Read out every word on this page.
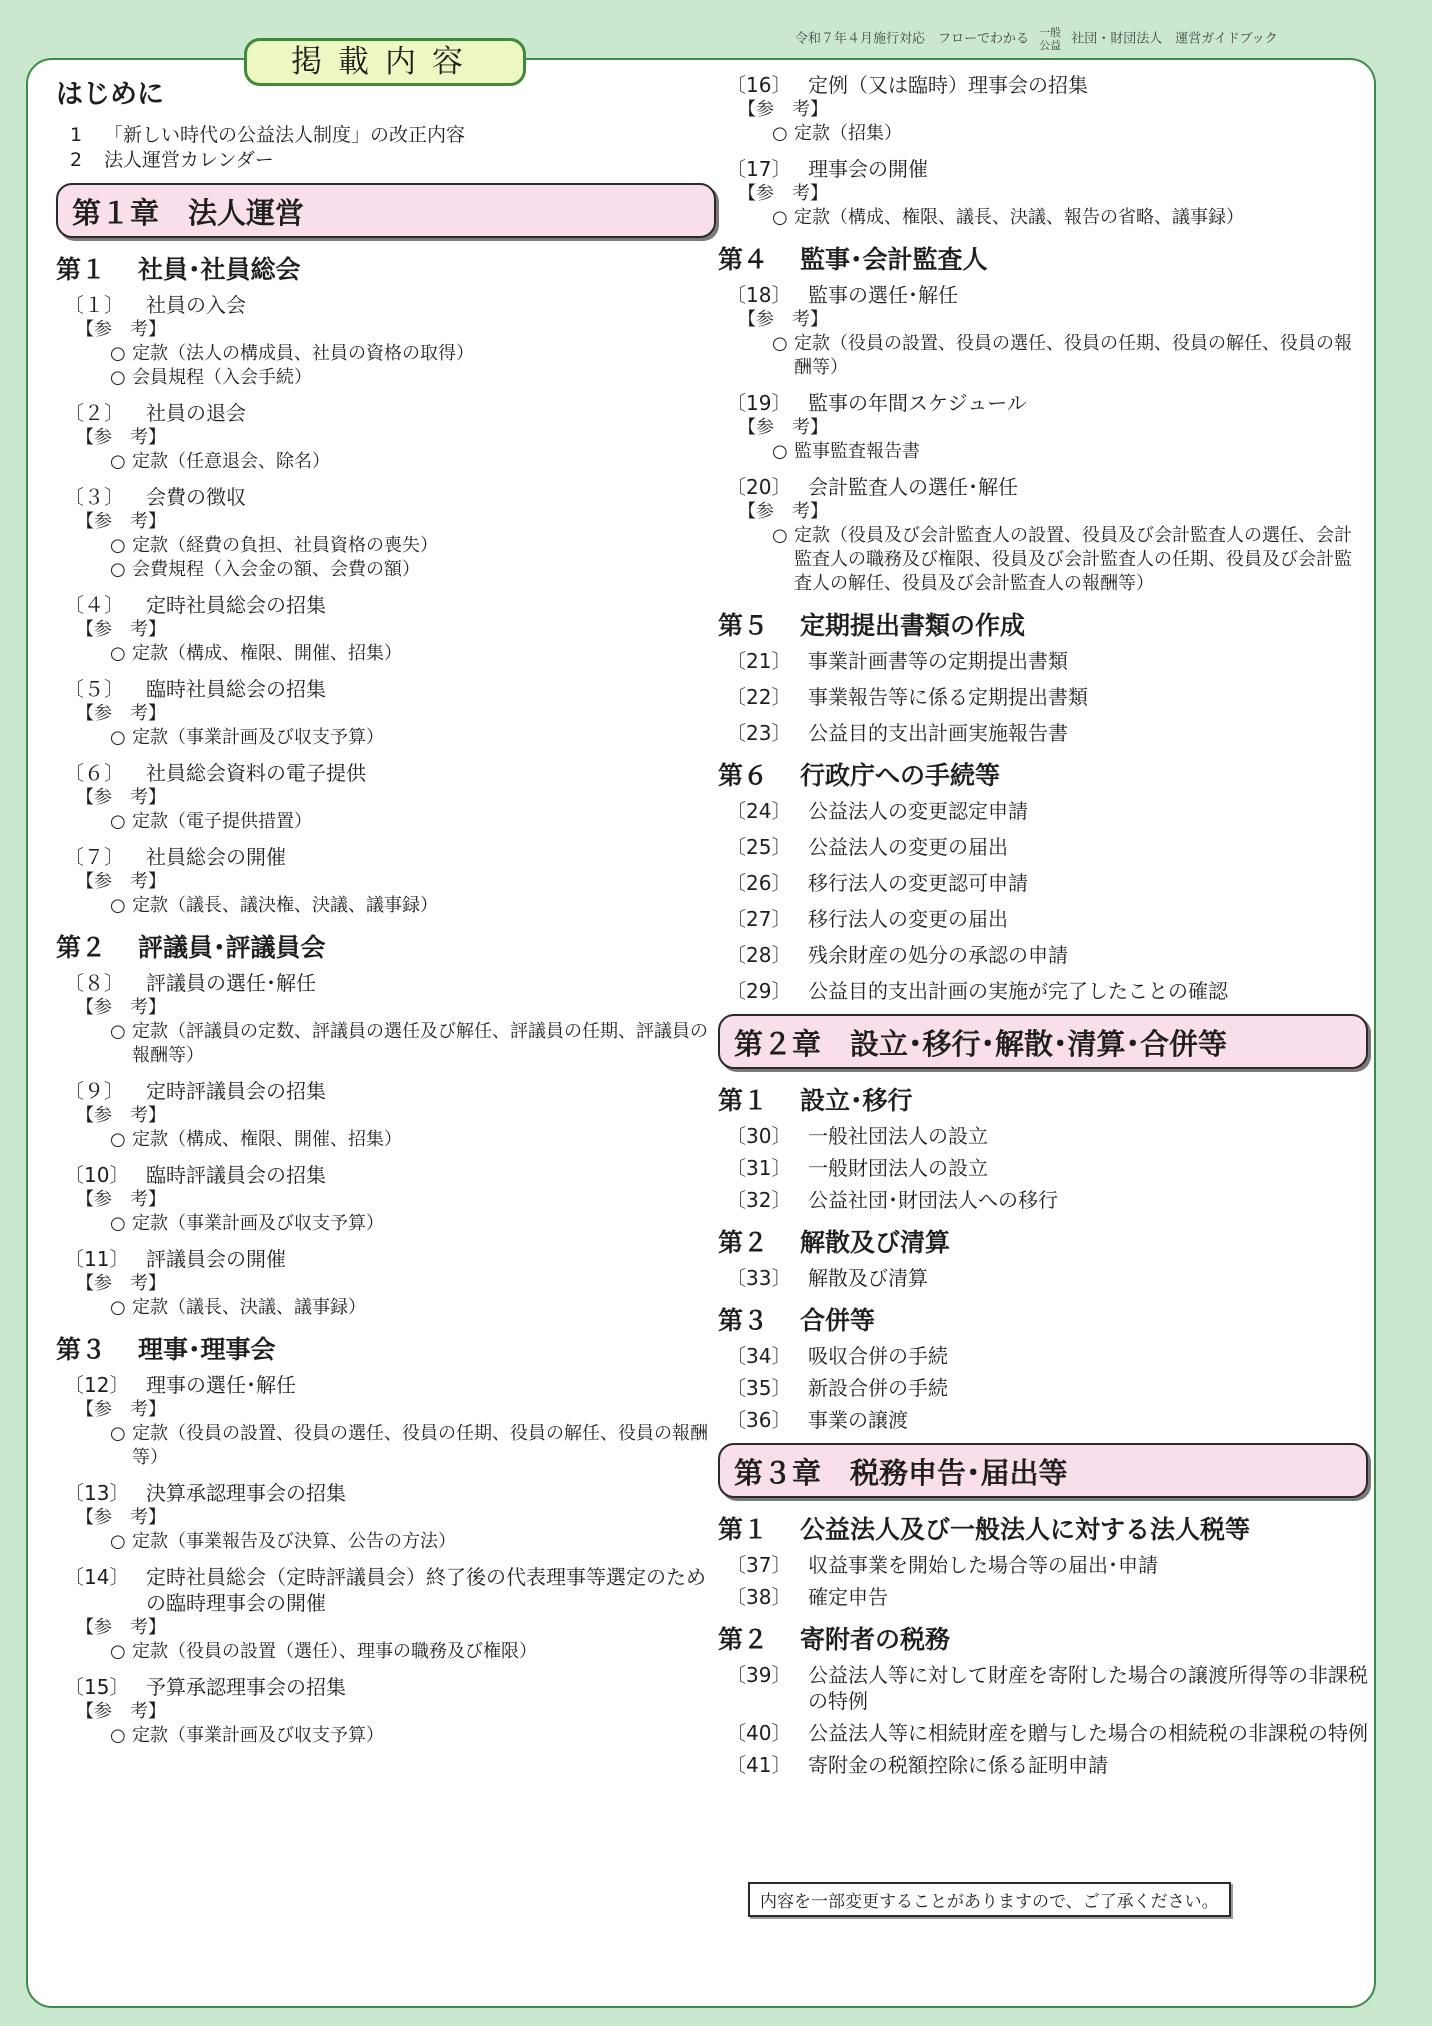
令和７年４月施行対応　フローでわかる 一般
公益 社団・財団法人　運営ガイドブック
はじめに
1 「新しい時代の公益法人制度」の改正内容
2 法人運営カレンダー
第１章　法人運営
第１ 社員･社員総会
〔１〕	社員の入会
【参　考】
○ 定款（法人の構成員、社員の資格の取得）
○ 会員規程（入会手続）
〔２〕	社員の退会
【参　考】
○ 定款（任意退会、除名）
〔３〕	会費の徴収
【参　考】
○ 定款（経費の負担、社員資格の喪失）
○ 会費規程（入会金の額、会費の額）
〔４〕	定時社員総会の招集
【参　考】
○ 定款（構成、権限、開催、招集）
〔５〕	臨時社員総会の招集
【参　考】
○ 定款（事業計画及び収支予算）
〔６〕	社員総会資料の電子提供
【参　考】
○ 定款（電子提供措置）
〔７〕	社員総会の開催
【参　考】
○ 定款（議長、議決権、決議、議事録）
第２ 評議員･評議員会
〔８〕	評議員の選任･解任
【参　考】
○ 定款（評議員の定数、評議員の選任及び解任、評議員の任期、評議員の報酬等）
〔９〕	定時評議員会の招集
【参　考】
○ 定款（構成、権限、開催、招集）
〔10〕 臨時評議員会の招集
【参　考】
○ 定款（事業計画及び収支予算）
〔11〕 評議員会の開催
【参　考】
○ 定款（議長、決議、議事録）
第３ 理事･理事会
〔12〕 理事の選任･解任
【参　考】
○ 定款（役員の設置、役員の選任、役員の任期、役員の解任、役員の報酬等）
〔13〕 決算承認理事会の招集
【参　考】
○ 定款（事業報告及び決算、公告の方法）
〔14〕 定時社員総会（定時評議員会）終了後の代表理事等選定のための臨時理事会の開催
【参　考】
○ 定款（役員の設置（選任）、理事の職務及び権限）
〔15〕 予算承認理事会の招集
【参　考】
○ 定款（事業計画及び収支予算）
〔16〕 定例（又は臨時）理事会の招集
【参　考】
○ 定款（招集）
〔17〕 理事会の開催
【参　考】
○ 定款（構成、権限、議長、決議、報告の省略、議事録）
第４ 監事･会計監査人
〔18〕 監事の選任･解任
【参　考】
○ 定款（役員の設置、役員の選任、役員の任期、役員の解任、役員の報酬等）
〔19〕 監事の年間スケジュール
【参　考】
○ 監事監査報告書
〔20〕 会計監査人の選任･解任
【参　考】
○ 定款（役員及び会計監査人の設置、役員及び会計監査人の選任、会計監査人の職務及び権限、役員及び会計監査人の任期、役員及び会計監査人の解任、役員及び会計監査人の報酬等）
第５ 定期提出書類の作成
〔21〕 事業計画書等の定期提出書類
〔22〕 事業報告等に係る定期提出書類
〔23〕 公益目的支出計画実施報告書
第６ 行政庁への手続等
〔24〕 公益法人の変更認定申請
〔25〕 公益法人の変更の届出
〔26〕 移行法人の変更認可申請
〔27〕 移行法人の変更の届出
〔28〕 残余財産の処分の承認の申請
〔29〕 公益目的支出計画の実施が完了したことの確認
第２章　設立･移行･解散･清算･合併等
第１ 設立･移行
〔30〕 一般社団法人の設立
〔31〕 一般財団法人の設立
〔32〕 公益社団･財団法人への移行
第２ 解散及び清算
〔33〕 解散及び清算
第３ 合併等
〔34〕 吸収合併の手続
〔35〕 新設合併の手続
〔36〕 事業の譲渡
第３章　税務申告･届出等
第１ 公益法人及び一般法人に対する法人税等
〔37〕 収益事業を開始した場合等の届出･申請
〔38〕 確定申告
第２ 寄附者の税務
〔39〕 公益法人等に対して財産を寄附した場合の譲渡所得等の非課税の特例
〔40〕 公益法人等に相続財産を贈与した場合の相続税の非課税の特例
〔41〕 寄附金の税額控除に係る証明申請
掲載内容
内容を一部変更することがありますので、ご了承ください。
